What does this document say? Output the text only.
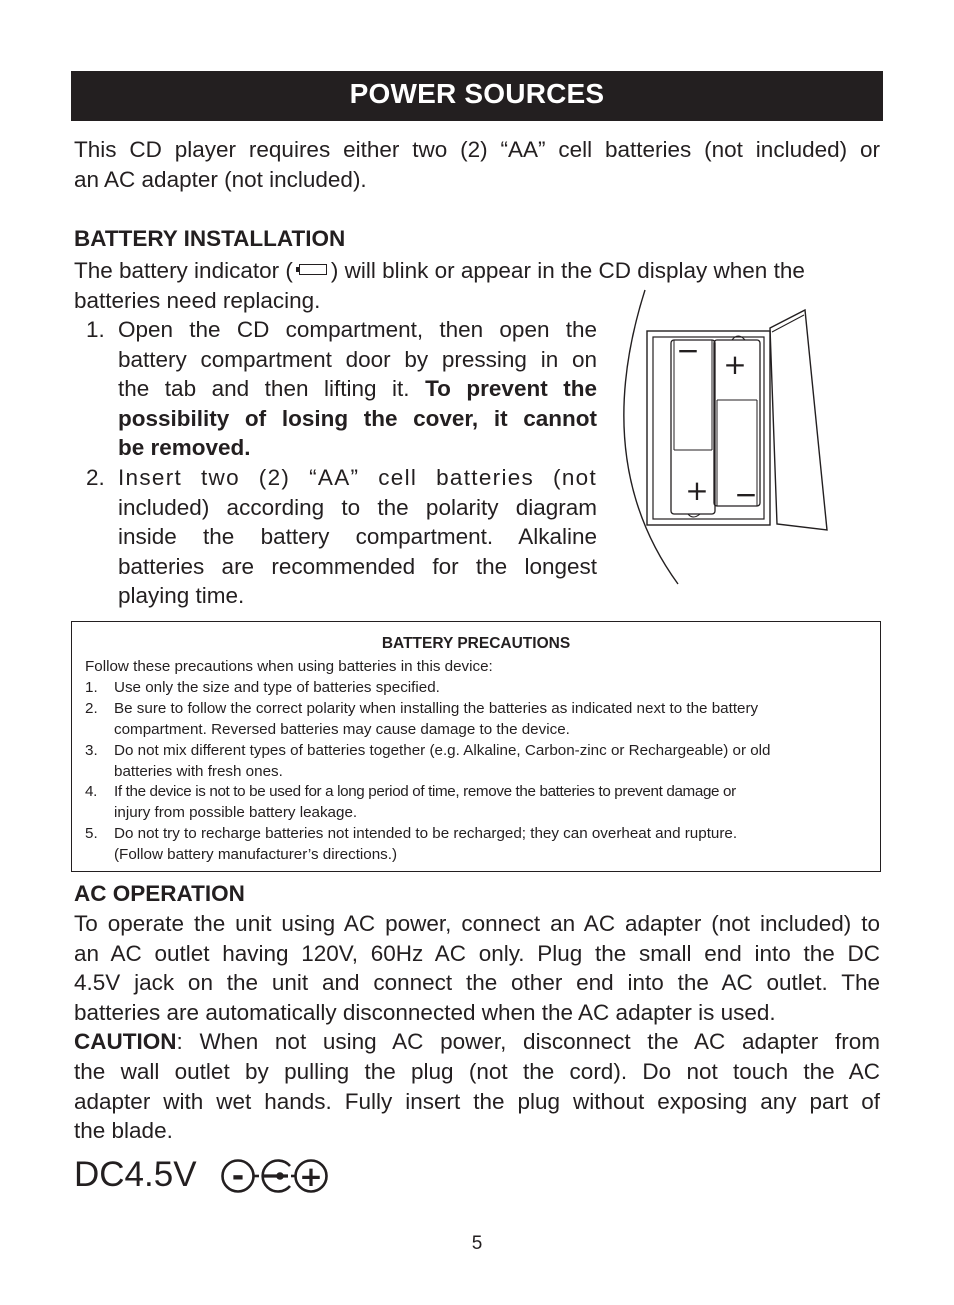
POWER SOURCES
This CD player requires either two (2) “AA” cell batteries (not included) or
an AC adapter (not included).
BATTERY INSTALLATION
The battery indicator ( ) will blink or appear in the CD display when the
batteries need replacing.
1. Open the CD compartment, then open the
battery compartment door by pressing in on
the tab and then lifting it. To prevent the
possibility of losing the cover, it cannot
be removed.
2. Insert two (2) “AA” cell batteries (not
included) according to the polarity diagram
inside the battery compartment. Alkaline
batteries are recommended for the longest
playing time.
− +
+ −
BATTERY PRECAUTIONS
Follow these precautions when using batteries in this device:
1. Use only the size and type of batteries specified.
2. Be sure to follow the correct polarity when installing the batteries as indicated next to the battery
compartment. Reversed batteries may cause damage to the device.
3. Do not mix different types of batteries together (e.g. Alkaline, Carbon-zinc or Rechargeable) or old
batteries with fresh ones.
4. If the device is not to be used for a long period of time, remove the batteries to prevent damage or
injury from possible battery leakage.
5. Do not try to recharge batteries not intended to be recharged; they can overheat and rupture.
(Follow battery manufacturer’s directions.)
AC OPERATION
To operate the unit using AC power, connect an AC adapter (not included) to
an AC outlet having 120V, 60Hz AC only. Plug the small end into the DC
4.5V jack on the unit and connect the other end into the AC outlet. The
batteries are automatically disconnected when the AC adapter is used.
CAUTION: When not using AC power, disconnect the AC adapter from
the wall outlet by pulling the plug (not the cord). Do not touch the AC
adapter with wet hands. Fully insert the plug without exposing any part of
the blade.
DC4.5V - +
5
